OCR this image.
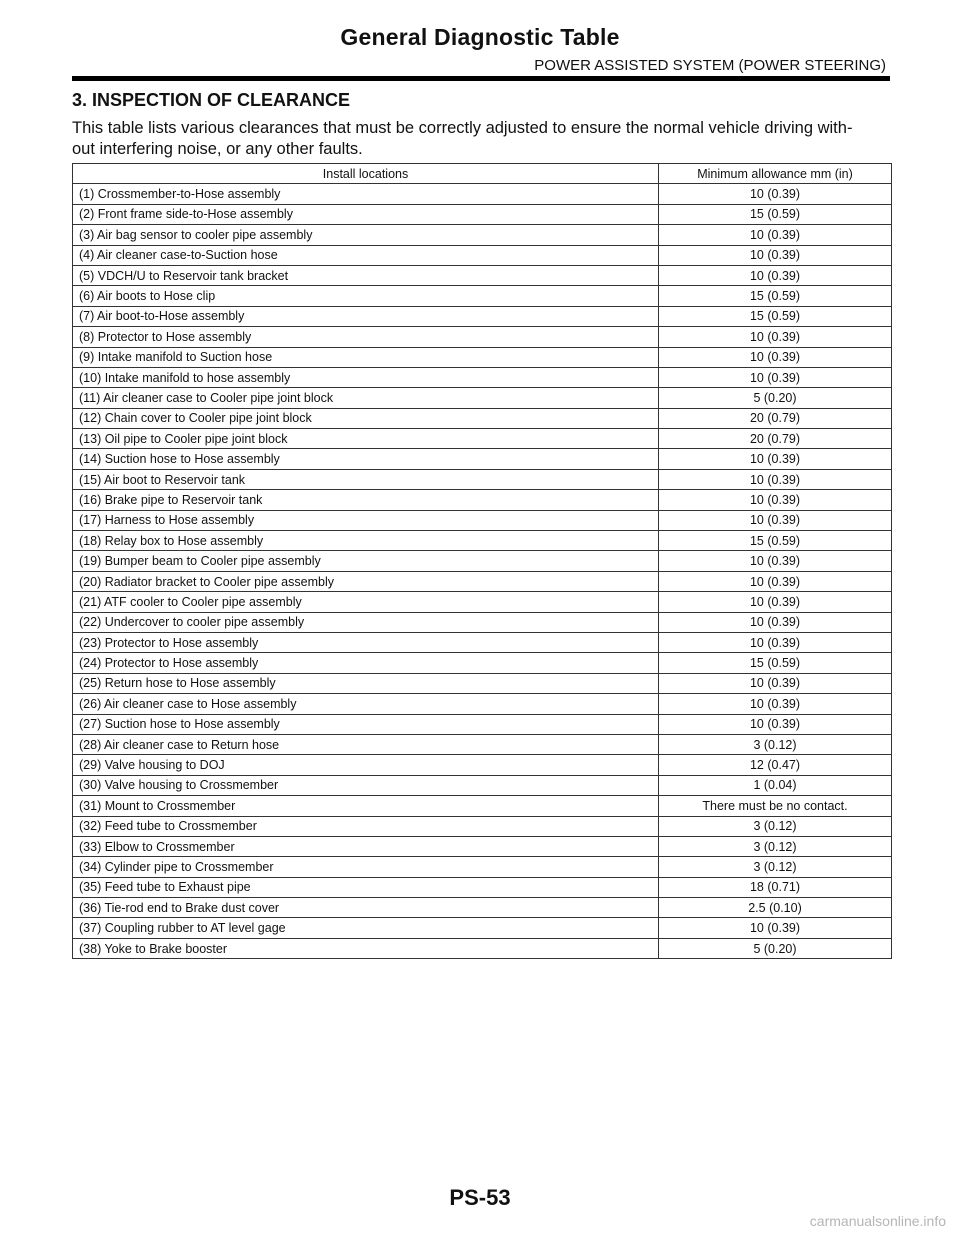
General Diagnostic Table
POWER ASSISTED SYSTEM (POWER STEERING)
3. INSPECTION OF CLEARANCE
This table lists various clearances that must be correctly adjusted to ensure the normal vehicle driving with-
out interfering noise, or any other faults.
Install locations	Minimum allowance mm (in)
(1) Crossmember-to-Hose assembly	10 (0.39)
(2) Front frame side-to-Hose assembly	15 (0.59)
(3) Air bag sensor to cooler pipe assembly	10 (0.39)
(4) Air cleaner case-to-Suction hose	10 (0.39)
(5) VDCH/U to Reservoir tank bracket	10 (0.39)
(6) Air boots to Hose clip	15 (0.59)
(7) Air boot-to-Hose assembly	15 (0.59)
(8) Protector to Hose assembly	10 (0.39)
(9) Intake manifold to Suction hose	10 (0.39)
(10) Intake manifold to hose assembly	10 (0.39)
(11) Air cleaner case to Cooler pipe joint block	5 (0.20)
(12) Chain cover to Cooler pipe joint block	20 (0.79)
(13) Oil pipe to Cooler pipe joint block	20 (0.79)
(14) Suction hose to Hose assembly	10 (0.39)
(15) Air boot to Reservoir tank	10 (0.39)
(16) Brake pipe to Reservoir tank	10 (0.39)
(17) Harness to Hose assembly	10 (0.39)
(18) Relay box to Hose assembly	15 (0.59)
(19) Bumper beam to Cooler pipe assembly	10 (0.39)
(20) Radiator bracket to Cooler pipe assembly	10 (0.39)
(21) ATF cooler to Cooler pipe assembly	10 (0.39)
(22) Undercover to cooler pipe assembly	10 (0.39)
(23) Protector to Hose assembly	10 (0.39)
(24) Protector to Hose assembly	15 (0.59)
(25) Return hose to Hose assembly	10 (0.39)
(26) Air cleaner case to Hose assembly	10 (0.39)
(27) Suction hose to Hose assembly	10 (0.39)
(28) Air cleaner case to Return hose	3 (0.12)
(29) Valve housing to DOJ	12 (0.47)
(30) Valve housing to Crossmember	1 (0.04)
(31) Mount to Crossmember	There must be no contact.
(32) Feed tube to Crossmember	3 (0.12)
(33) Elbow to Crossmember	3 (0.12)
(34) Cylinder pipe to Crossmember	3 (0.12)
(35) Feed tube to Exhaust pipe	18 (0.71)
(36) Tie-rod end to Brake dust cover	2.5 (0.10)
(37) Coupling rubber to AT level gage	10 (0.39)
(38) Yoke to Brake booster	5 (0.20)
PS-53
carmanualsonline.info
